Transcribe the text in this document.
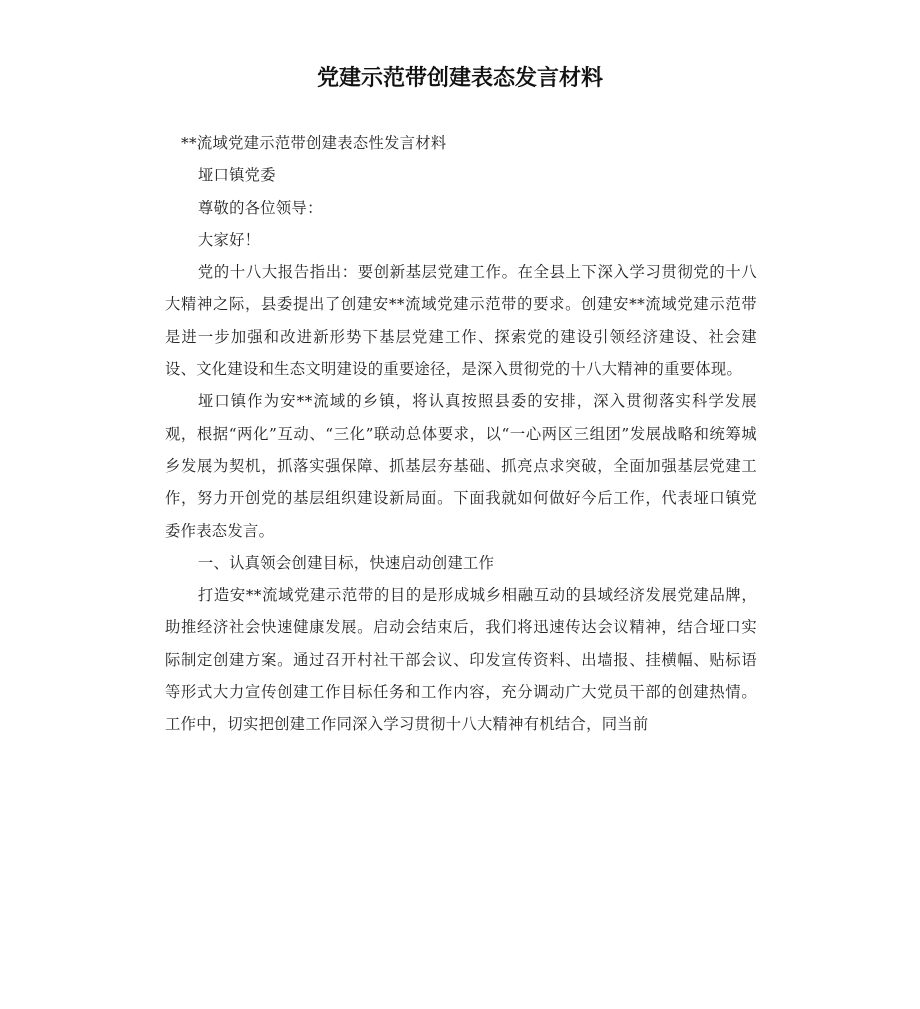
党建示范带创建表态发言材料

**流域党建示范带创建表态性发言材料

垭口镇党委

尊敬的各位领导：

大家好！

党的十八大报告指出：要创新基层党建工作。在全县上下深入学习贯彻党的十八大精神之际，县委提出了创建安**流域党建示范带的要求。创建安**流域党建示范带是进一步加强和改进新形势下基层党建工作、探索党的建设引领经济建设、社会建设、文化建设和生态文明建设的重要途径，是深入贯彻党的十八大精神的重要体现。

垭口镇作为安**流域的乡镇，将认真按照县委的安排，深入贯彻落实科学发展观，根据“两化”互动、“三化”联动总体要求，以“一心两区三组团”发展战略和统筹城乡发展为契机，抓落实强保障、抓基层夯基础、抓亮点求突破，全面加强基层党建工作，努力开创党的基层组织建设新局面。下面我就如何做好今后工作，代表垭口镇党委作表态发言。

一、认真领会创建目标，快速启动创建工作

打造安**流域党建示范带的目的是形成城乡相融互动的县域经济发展党建品牌，助推经济社会快速健康发展。启动会结束后，我们将迅速传达会议精神，结合垭口实际制定创建方案。通过召开村社干部会议、印发宣传资料、出墙报、挂横幅、贴标语等形式大力宣传创建工作目标任务和工作内容，充分调动广大党员干部的创建热情。工作中，切实把创建工作同深入学习贯彻十八大精神有机结合，同当前
